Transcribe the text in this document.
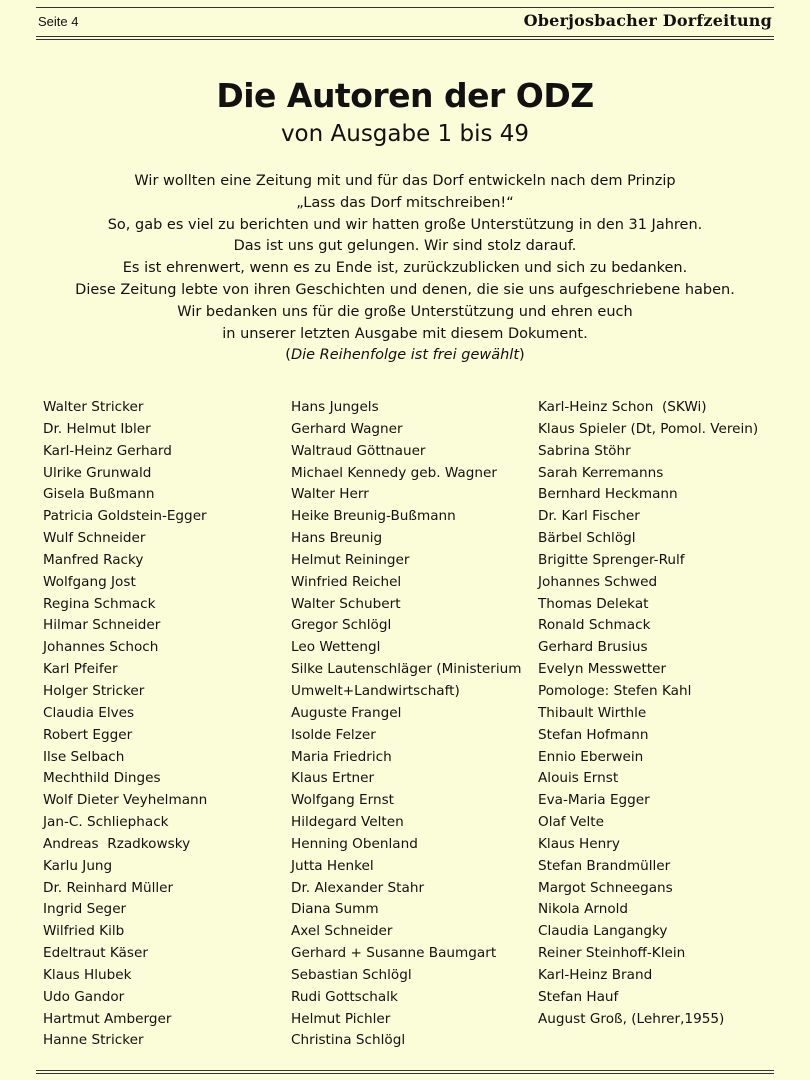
Seite 4	Oberjosbacher Dorfzeitung
Die Autoren der ODZ
von Ausgabe 1 bis 49

Wir wollten eine Zeitung mit und für das Dorf entwickeln nach dem Prinzip

„Lass das Dorf mitschreiben!“

So, gab es viel zu berichten und wir hatten große Unterstützung in den 31 Jahren.

Das ist uns gut gelungen. Wir sind stolz darauf.

Es ist ehrenwert, wenn es zu Ende ist, zurückzublicken und sich zu bedanken.

Diese Zeitung lebte von ihren Geschichten und denen, die sie uns aufgeschriebene haben.

Wir bedanken uns für die große Unterstützung und ehren euch

in unserer letzten Ausgabe mit diesem Dokument.

(Die Reihenfolge ist frei gewählt)

Walter Stricker
Dr. Helmut Ibler
Karl-Heinz Gerhard
Ulrike Grunwald
Gisela Bußmann
Patricia Goldstein-Egger
Wulf Schneider
Manfred Racky
Wolfgang Jost
Regina Schmack
Hilmar Schneider
Johannes Schoch
Karl Pfeifer
Holger Stricker
Claudia Elves
Robert Egger
Ilse Selbach
Mechthild Dinges
Wolf Dieter Veyhelmann
Jan-C. Schliephack
Andreas  Rzadkowsky
Karlu Jung
Dr. Reinhard Müller
Ingrid Seger
Wilfried Kilb
Edeltraut Käser
Klaus Hlubek
Udo Gandor
Hartmut Amberger
Hanne Stricker
Hans Jungels
Gerhard Wagner
Waltraud Göttnauer
Michael Kennedy geb. Wagner
Walter Herr
Heike Breunig-Bußmann
Hans Breunig
Helmut Reininger
Winfried Reichel
Walter Schubert
Gregor Schlögl
Leo Wettengl
Silke Lautenschläger (Ministerium
Umwelt+Landwirtschaft)
Auguste Frangel
Isolde Felzer
Maria Friedrich
Klaus Ertner
Wolfgang Ernst
Hildegard Velten
Henning Obenland
Jutta Henkel
Dr. Alexander Stahr
Diana Summ
Axel Schneider
Gerhard + Susanne Baumgart
Sebastian Schlögl
Rudi Gottschalk
Helmut Pichler
Christina Schlögl
Karl-Heinz Schon  (SKWi)
Klaus Spieler (Dt, Pomol. Verein)
Sabrina Stöhr
Sarah Kerremanns
Bernhard Heckmann
Dr. Karl Fischer
Bärbel Schlögl
Brigitte Sprenger-Rulf
Johannes Schwed
Thomas Delekat
Ronald Schmack
Gerhard Brusius
Evelyn Messwetter
Pomologe: Stefen Kahl
Thibault Wirthle
Stefan Hofmann
Ennio Eberwein
Alouis Ernst
Eva-Maria Egger
Olaf Velte
Klaus Henry
Stefan Brandmüller
Margot Schneegans
Nikola Arnold
Claudia Langangky
Reiner Steinhoff-Klein
Karl-Heinz Brand
Stefan Hauf
August Groß, (Lehrer,1955)
